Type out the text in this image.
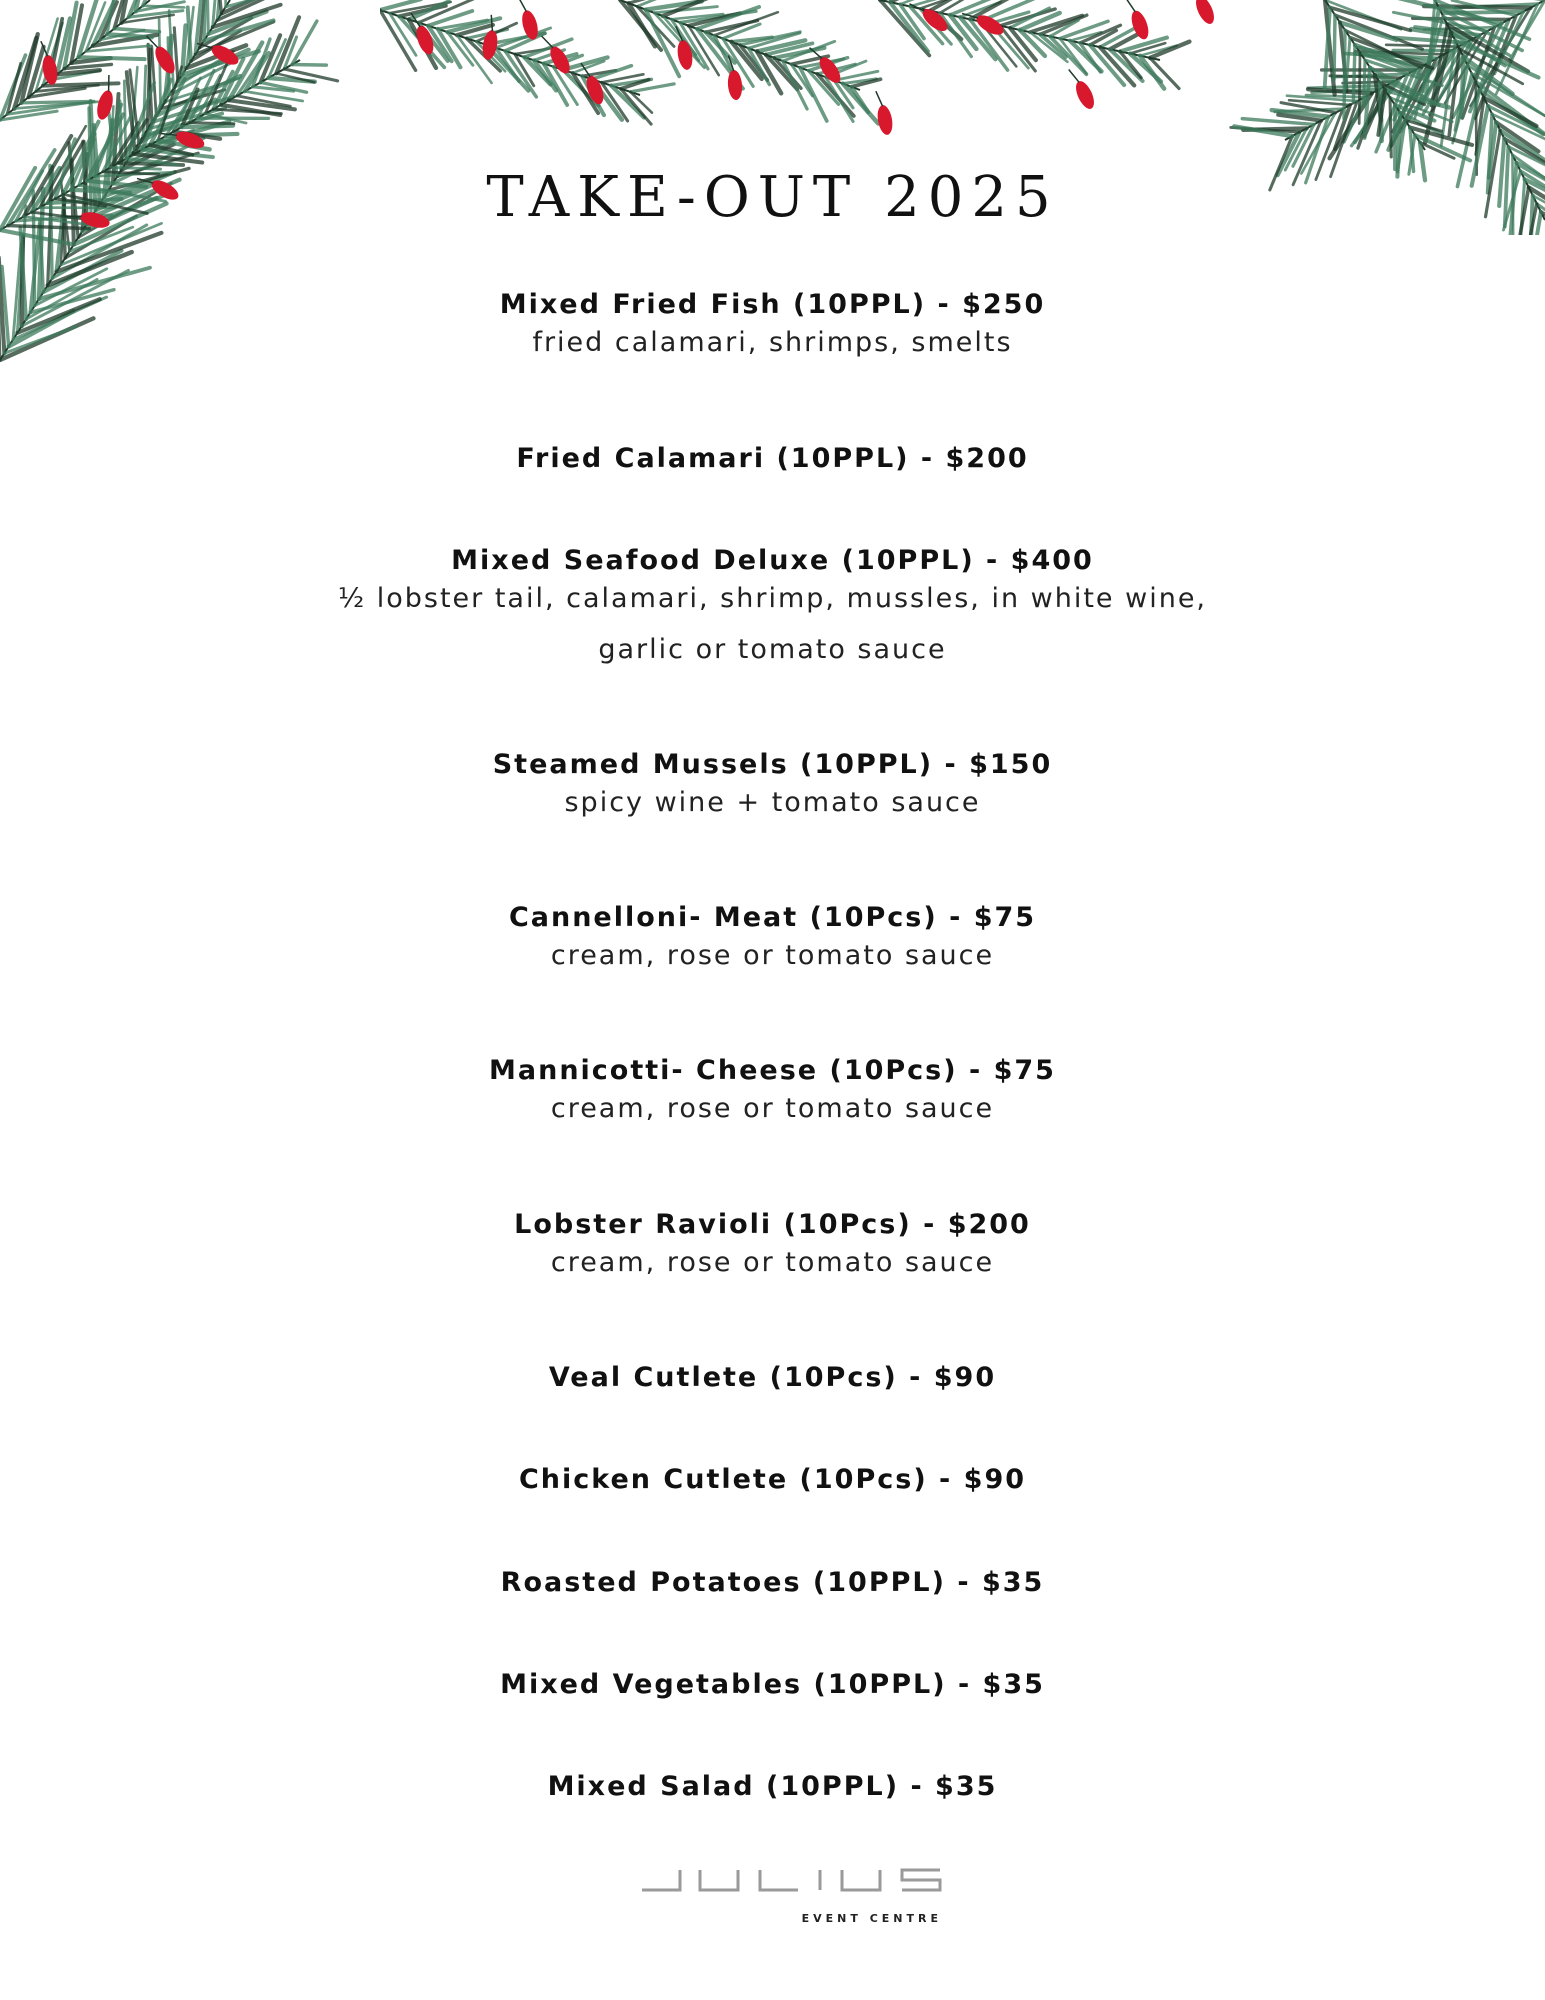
TAKE-OUT 2025
Mixed Fried Fish (10PPL) - $250
fried calamari, shrimps, smelts
Fried Calamari (10PPL) - $200
Mixed Seafood Deluxe (10PPL) - $400
½ lobster tail, calamari, shrimp, mussles, in white wine,
garlic or tomato sauce
Steamed Mussels (10PPL) - $150
spicy wine + tomato sauce
Cannelloni- Meat (10Pcs) - $75
cream, rose or tomato sauce
Mannicotti- Cheese (10Pcs) - $75
cream, rose or tomato sauce
Lobster Ravioli (10Pcs) - $200
cream, rose or tomato sauce
Veal Cutlete (10Pcs) - $90
Chicken Cutlete (10Pcs) - $90
Roasted Potatoes (10PPL) - $35
Mixed Vegetables (10PPL) - $35
Mixed Salad (10PPL) - $35
EVENT CENTRE
